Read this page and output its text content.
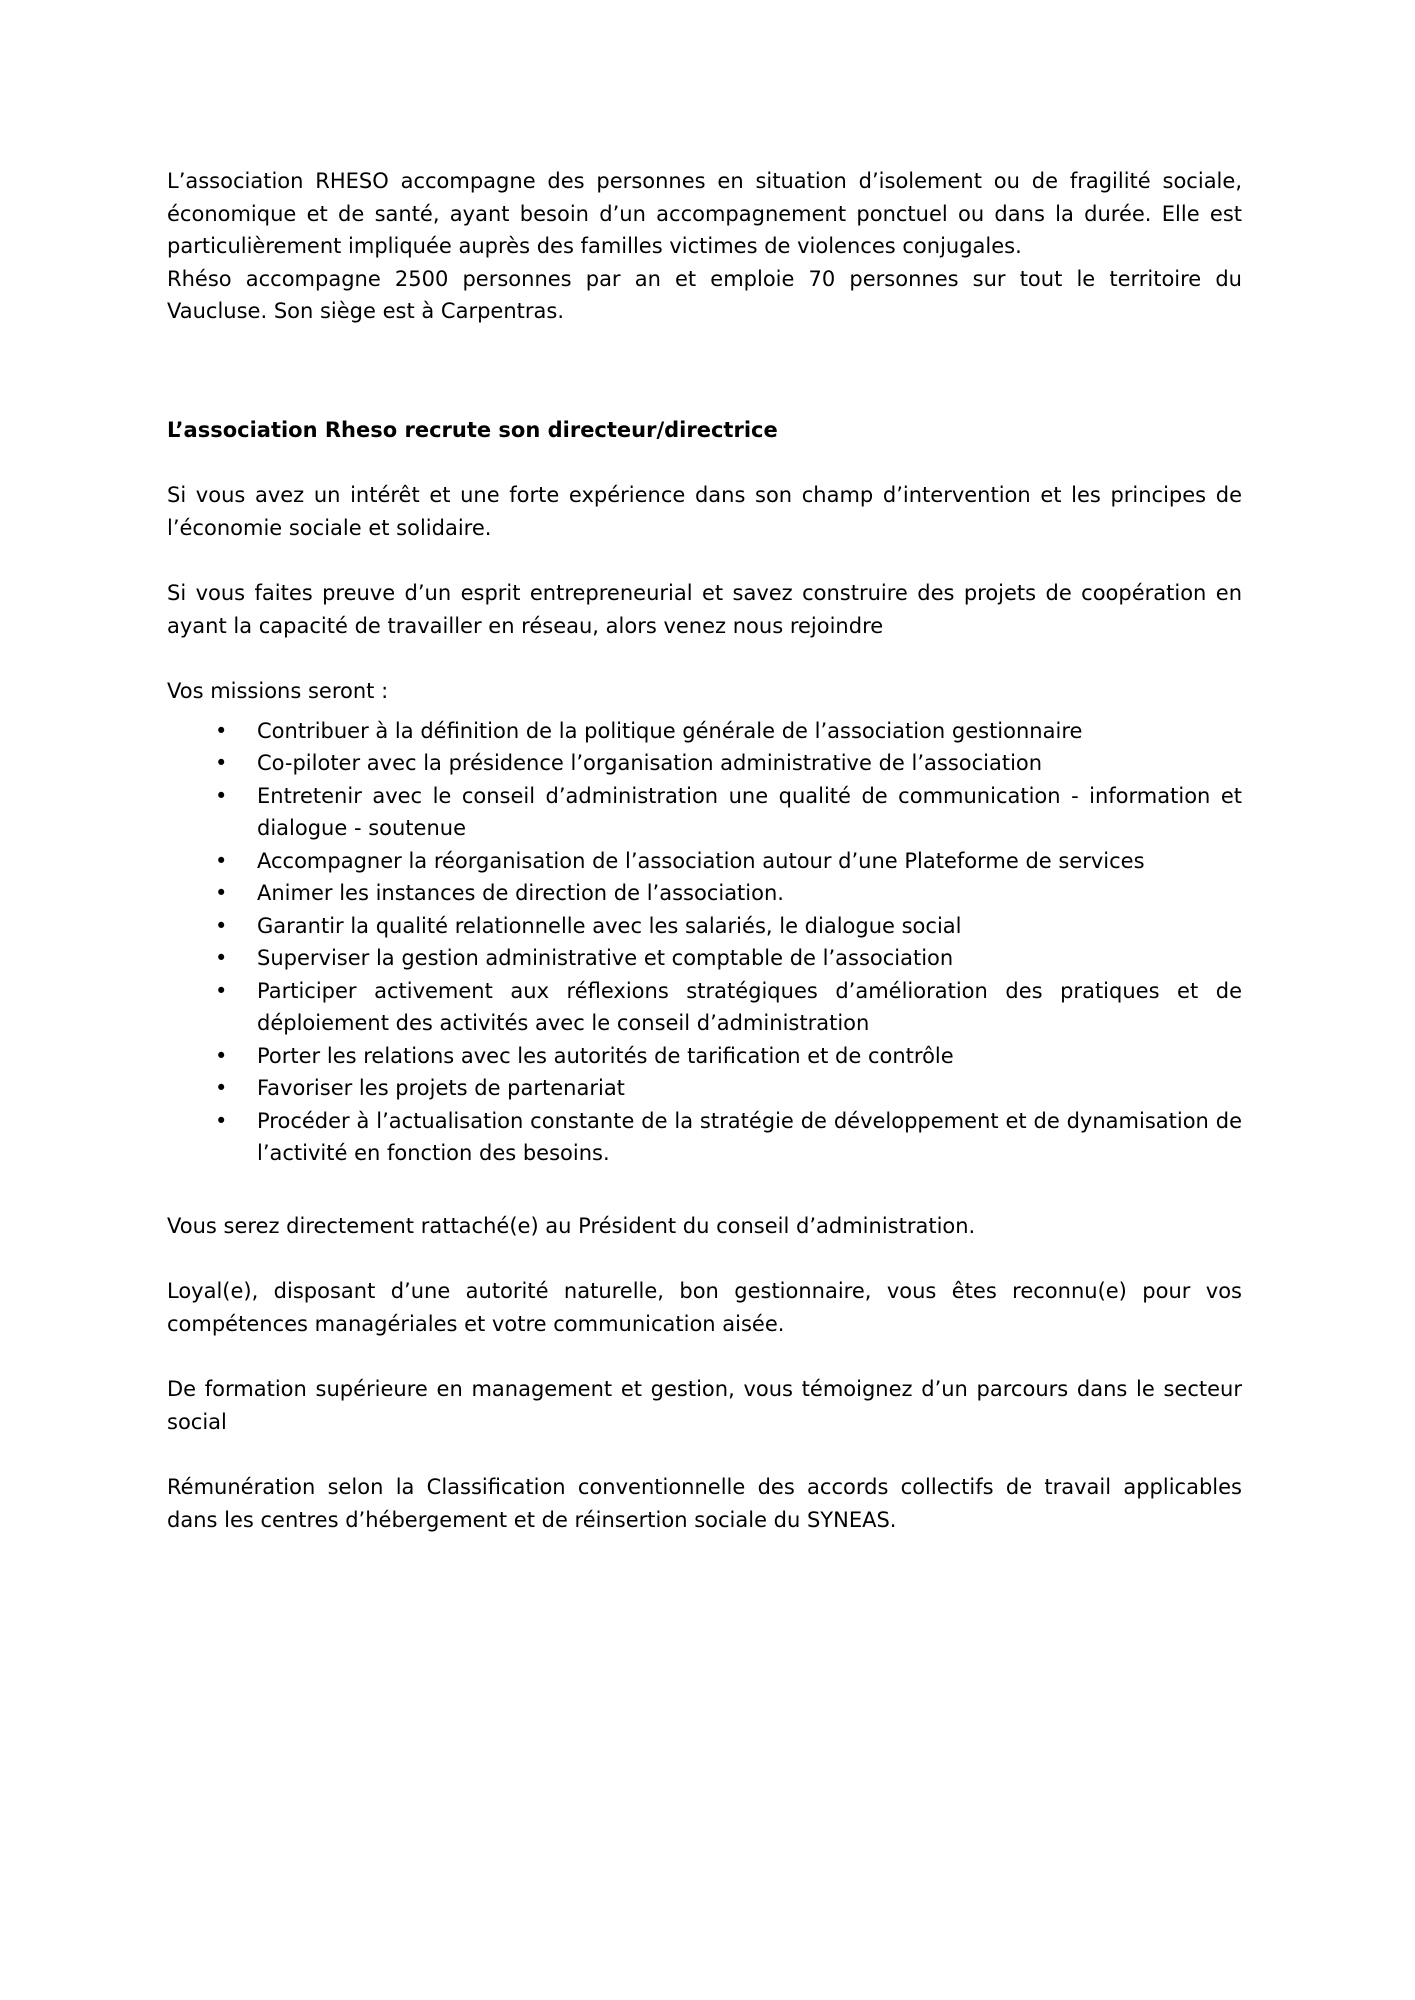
L’association RHESO accompagne des personnes en situation d’isolement ou de fragilité sociale, économique et de santé, ayant besoin d’un accompagnement ponctuel ou dans la durée. Elle est particulièrement impliquée auprès des familles victimes de violences conjugales.

Rhéso accompagne 2500 personnes par an et emploie 70 personnes sur tout le territoire du Vaucluse. Son siège est à Carpentras.

L’association Rheso recrute son directeur/directrice

Si vous avez un intérêt et une forte expérience dans son champ d’intervention et les principes de l’économie sociale et solidaire.

Si vous faites preuve d’un esprit entrepreneurial et savez construire des projets de coopération en ayant la capacité de travailler en réseau, alors venez nous rejoindre

Vos missions seront :

• Contribuer à la définition de la politique générale de l’association gestionnaire
• Co-piloter avec la présidence l’organisation administrative de l’association
• Entretenir avec le conseil d’administration une qualité de communication - information et dialogue - soutenue
• Accompagner la réorganisation de l’association autour d’une Plateforme de services
• Animer les instances de direction de l’association.
• Garantir la qualité relationnelle avec les salariés, le dialogue social
• Superviser la gestion administrative et comptable de l’association
• Participer activement aux réflexions stratégiques d’amélioration des pratiques et de déploiement des activités avec le conseil d’administration
• Porter les relations avec les autorités de tarification et de contrôle
• Favoriser les projets de partenariat
• Procéder à l’actualisation constante de la stratégie de développement et de dynamisation de l’activité en fonction des besoins.

Vous serez directement rattaché(e) au Président du conseil d’administration.

Loyal(e), disposant d’une autorité naturelle, bon gestionnaire, vous êtes reconnu(e) pour vos compétences managériales et votre communication aisée.

De formation supérieure en management et gestion, vous témoignez d’un parcours dans le secteur social

Rémunération selon la Classification conventionnelle des accords collectifs de travail applicables dans les centres d’hébergement et de réinsertion sociale du SYNEAS.
